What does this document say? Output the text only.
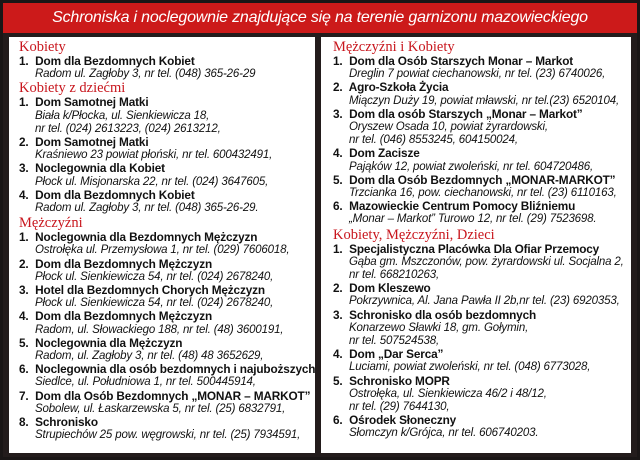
Schroniska i noclegownie znajdujące się na terenie garnizonu mazowieckiego
Kobiety
1. Dom dla Bezdomnych Kobiet
Radom ul. Zagłoby 3, nr tel. (048) 365-26-29
Kobiety z dziećmi
1. Dom Samotnej Matki
Biała k/Płocka, ul. Sienkiewicza 18,
nr tel. (024) 2613223, (024) 2613212,
2. Dom Samotnej Matki
Kraśniewo 23 powiat płoński, nr tel. 600432491,
3. Noclegownia dla Kobiet
Płock ul. Misjonarska 22, nr tel. (024) 3647605,
4. Dom dla Bezdomnych Kobiet
Radom ul. Zagłoby 3, nr tel. (048) 365-26-29.
Mężczyźni
1. Noclegownia dla Bezdomnych Mężczyzn
Ostrołęka ul. Przemysłowa 1, nr tel. (029) 7606018,
2. Dom dla Bezdomnych Mężczyzn
Płock ul. Sienkiewicza 54, nr tel. (024) 2678240,
3. Hotel dla Bezdomnych Chorych Mężczyzn
Płock ul. Sienkiewicza 54, nr tel. (024) 2678240,
4. Dom dla Bezdomnych Mężczyzn
Radom, ul. Słowackiego 188, nr tel. (48) 3600191,
5. Noclegownia dla Mężczyzn
Radom, ul. Zagłoby 3, nr tel. (48) 48 3652629,
6. Noclegownia dla osób bezdomnych i najuboższych
Siedlce, ul. Południowa 1, nr tel. 500445914,
7. Dom dla Osób Bezdomnych „MONAR – MARKOT”
Sobolew, ul. Łaskarzewska 5, nr tel. (25) 6832791,
8. Schronisko
Strupiechów 25 pow. węgrowski, nr tel. (25) 7934591,
Mężczyźni i Kobiety
1. Dom dla Osób Starszych Monar – Markot
Dreglin 7 powiat ciechanowski, nr tel. (23) 6740026,
2. Agro-Szkoła Życia
Miączyn Duży 19, powiat mławski, nr tel.(23) 6520104,
3. Dom dla osób Starszych „Monar – Markot”
Oryszew Osada 10, powiat żyrardowski,
nr tel. (046) 8553245, 604150024,
4. Dom Zacisze
Pająków 12, powiat zwoleński, nr tel. 604720486,
5. Dom dla Osób Bezdomnych „MONAR-MARKOT”
Trzcianka 16, pow. ciechanowski, nr tel. (23) 6110163,
6. Mazowieckie Centrum Pomocy Bliźniemu
„Monar – Markot” Turowo 12, nr tel. (29) 7523698.
Kobiety, Mężczyźni, Dzieci
1. Specjalistyczna Placówka Dla Ofiar Przemocy
Gąba gm. Mszczonów, pow. żyrardowski ul. Socjalna 2,
nr tel. 668210263,
2. Dom Kleszewo
Pokrzywnica, Al. Jana Pawła II 2b,nr tel. (23) 6920353,
3. Schronisko dla osób bezdomnych
Konarzewo Sławki 18, gm. Gołymin,
nr tel. 507524538,
4. Dom „Dar Serca”
Luciami, powiat zwoleński, nr tel. (048) 6773028,
5. Schronisko MOPR
Ostrołęka, ul. Sienkiewicza 46/2 i 48/12,
nr tel. (29) 7644130,
6. Ośrodek Słoneczny
Słomczyn k/Grójca, nr tel. 606740203.
